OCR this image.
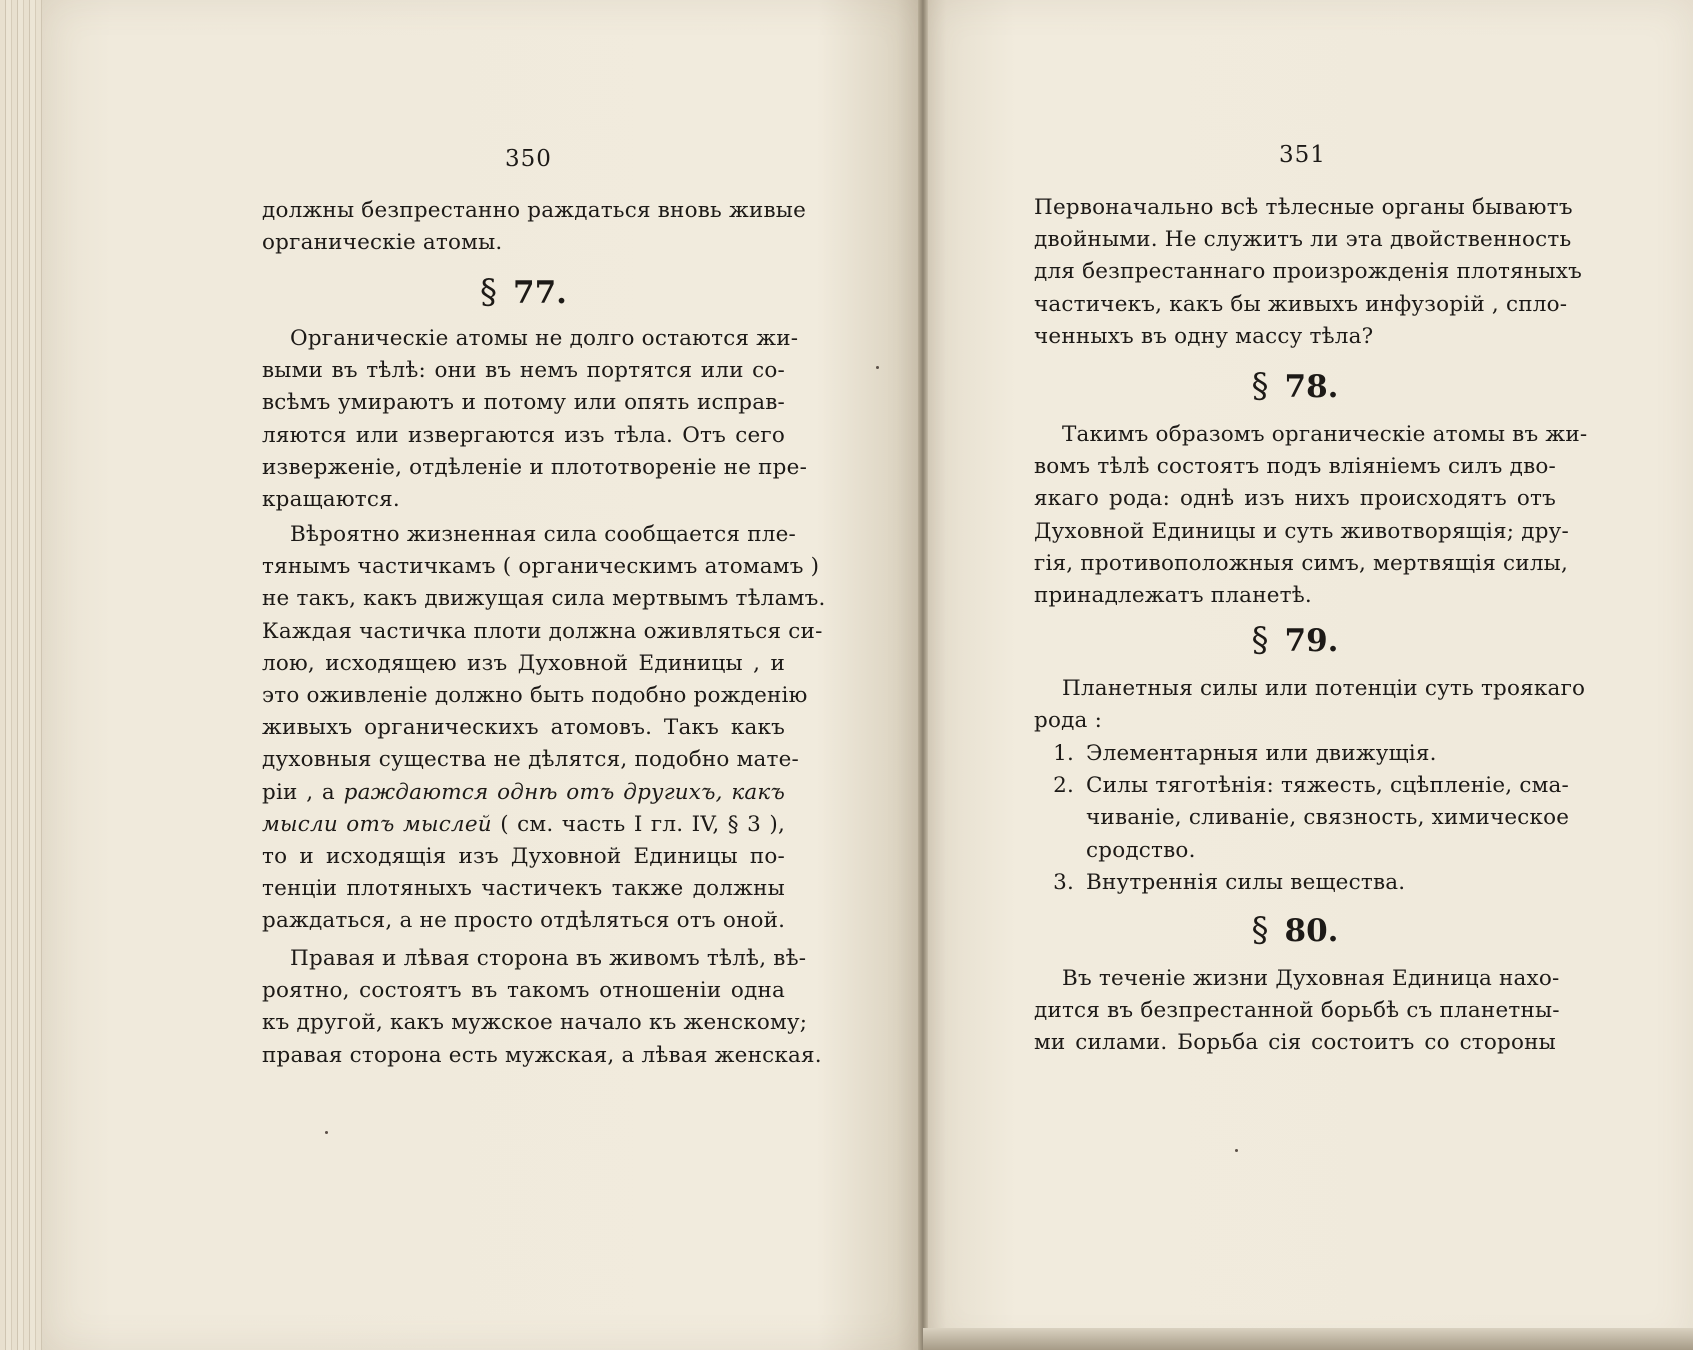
350
должны безпрестанно раждаться вновь живые
органическіе атомы.
§ 77.
Органическіе атомы не долго остаются жи-
выми въ тѣлѣ: они въ немъ портятся или со-
всѣмъ умираютъ и потому или опять исправ-
ляются или извергаются изъ тѣла. Отъ сего
изверженіе, отдѣленіе и плототвореніе не пре-
кращаются.
Вѣроятно жизненная сила сообщается пле-
тянымъ частичкамъ ( органическимъ атомамъ )
не такъ, какъ движущая сила мертвымъ тѣламъ.
Каждая частичка плоти должна оживляться си-
лою, исходящею изъ Духовной Единицы , и
это оживленіе должно быть подобно рожденію
живыхъ органическихъ атомовъ. Такъ какъ
духовныя существа не дѣлятся, подобно мате-
ріи , а раждаются однѣ отъ другихъ, какъ
мысли отъ мыслей ( см. часть I гл. IV, § 3 ),
то и исходящія изъ Духовной Единицы по-
тенціи плотяныхъ частичекъ также должны
раждаться, а не просто отдѣляться отъ оной.
Правая и лѣвая сторона въ живомъ тѣлѣ, вѣ-
роятно, состоятъ въ такомъ отношеніи одна
къ другой, какъ мужское начало къ женскому;
правая сторона есть мужская, а лѣвая женская.
351
Первоначально всѣ тѣлесные органы бываютъ
двойными. Не служитъ ли эта двойственность
для безпрестаннаго произрожденія плотяныхъ
частичекъ, какъ бы живыхъ инфузорій , сплo-
ченныхъ въ одну массу тѣла?
§ 78.
Такимъ образомъ органическіе атомы въ жи-
вомъ тѣлѣ состоятъ подъ вліяніемъ силъ дво-
якаго рода: однѣ изъ нихъ происходятъ отъ
Духовной Единицы и суть животворящія; дру-
гія, противоположныя симъ, мертвящія силы,
принадлежатъ планетѣ.
§ 79.
Планетныя силы или потенціи суть троякаго
рода :
1. Элементарныя или движущія.
2. Силы тяготѣнія: тяжесть, сцѣпленіе, сма-
чиваніе, сливаніе, связность, химическое
сродство.
3. Внутреннія силы вещества.
§ 80.
Въ теченіе жизни Духовная Единица нахо-
дится въ безпрестанной борьбѣ съ планетны-
ми силами. Борьба сія состоитъ со стороны
